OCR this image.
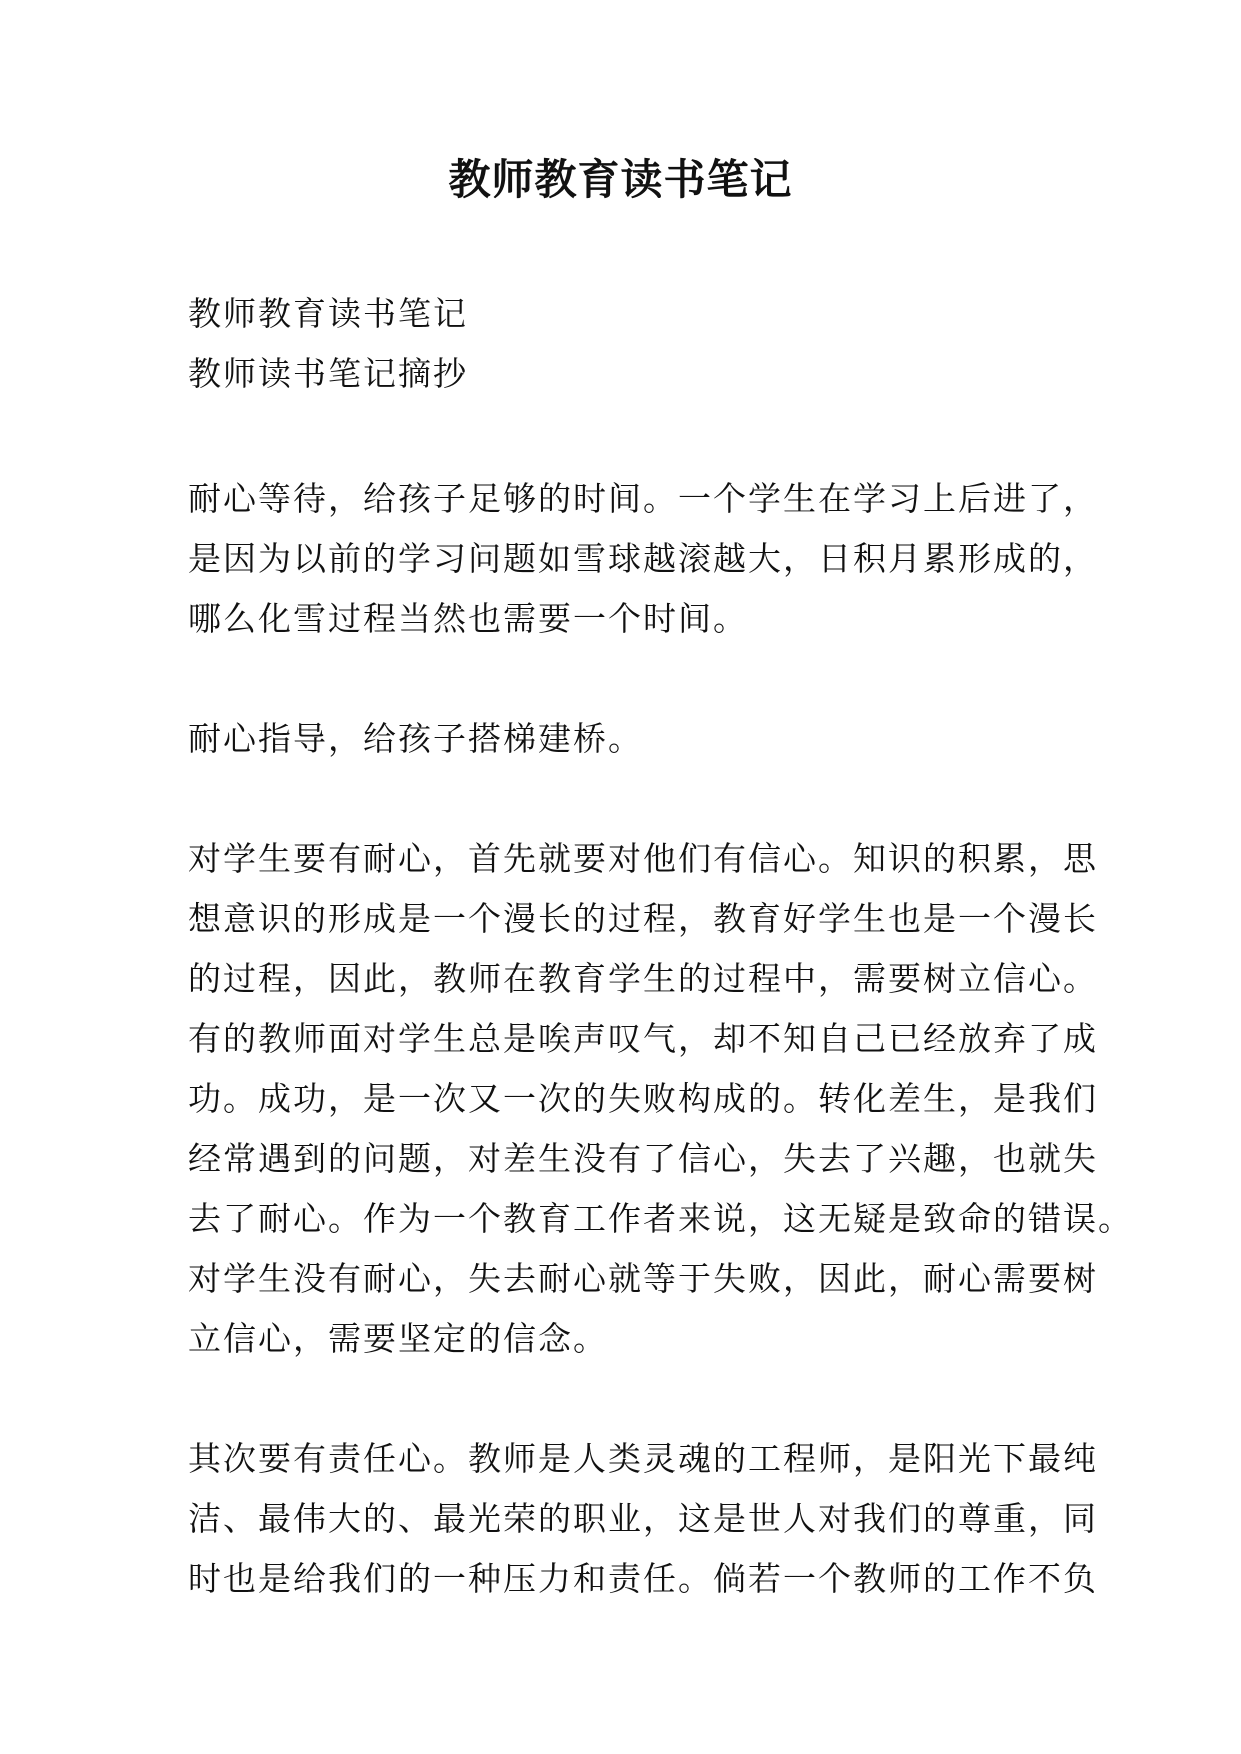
教师教育读书笔记
教师教育读书笔记
教师读书笔记摘抄
耐心等待，给孩子足够的时间。一个学生在学习上后进了，
是因为以前的学习问题如雪球越滚越大，日积月累形成的，
哪么化雪过程当然也需要一个时间。
耐心指导，给孩子搭梯建桥。
对学生要有耐心，首先就要对他们有信心。知识的积累，思
想意识的形成是一个漫长的过程，教育好学生也是一个漫长
的过程，因此，教师在教育学生的过程中，需要树立信心。
有的教师面对学生总是唉声叹气，却不知自己已经放弃了成
功。成功，是一次又一次的失败构成的。转化差生，是我们
经常遇到的问题，对差生没有了信心，失去了兴趣，也就失
去了耐心。作为一个教育工作者来说，这无疑是致命的错误。
对学生没有耐心，失去耐心就等于失败，因此，耐心需要树
立信心，需要坚定的信念。
其次要有责任心。教师是人类灵魂的工程师，是阳光下最纯
洁、最伟大的、最光荣的职业，这是世人对我们的尊重，同
时也是给我们的一种压力和责任。倘若一个教师的工作不负
